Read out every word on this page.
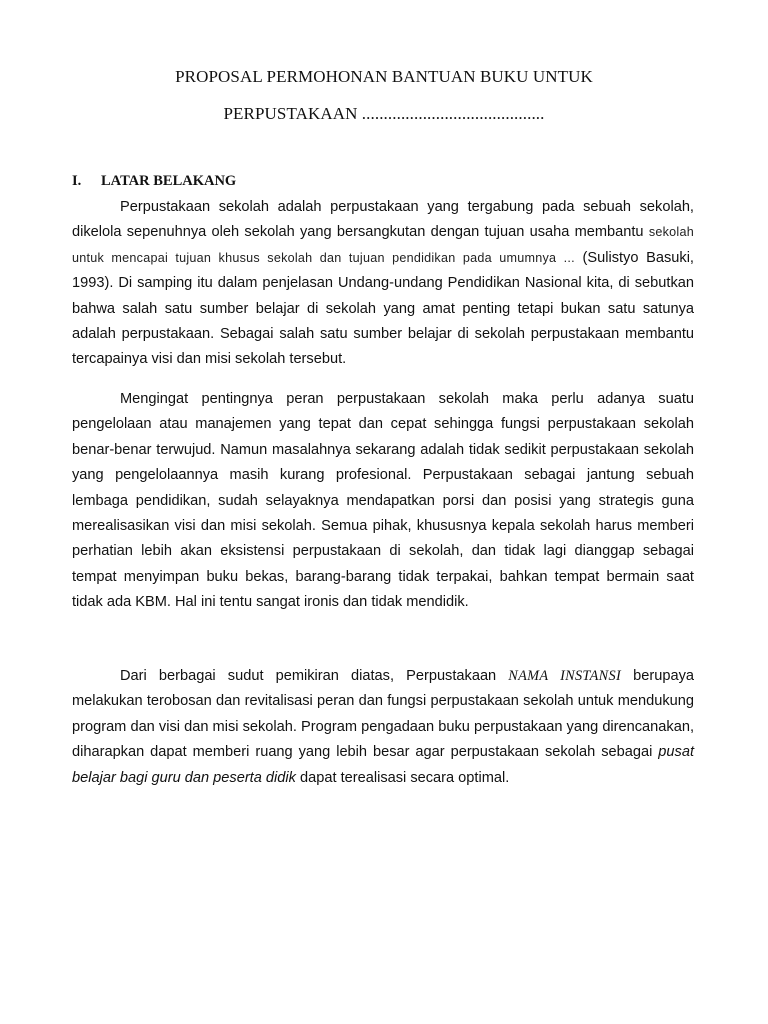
PROPOSAL PERMOHONAN BANTUAN BUKU UNTUK
PERPUSTAKAAN ..........................................
I. LATAR BELAKANG

Perpustakaan sekolah adalah perpustakaan yang tergabung pada sebuah sekolah, dikelola sepenuhnya oleh sekolah yang bersangkutan dengan tujuan usaha membantu sekolah untuk mencapai tujuan khusus sekolah dan tujuan pendidikan pada umumnya ... (Sulistyo Basuki, 1993). Di samping itu dalam penjelasan Undang-undang Pendidikan Nasional kita, di sebutkan bahwa salah satu sumber belajar di sekolah yang amat penting tetapi bukan satu satunya adalah perpustakaan. Sebagai salah satu sumber belajar di sekolah perpustakaan membantu tercapainya visi dan misi sekolah tersebut.

Mengingat pentingnya peran perpustakaan sekolah maka perlu adanya suatu pengelolaan atau manajemen yang tepat dan cepat sehingga fungsi perpustakaan sekolah benar-benar terwujud. Namun masalahnya sekarang adalah tidak sedikit perpustakaan sekolah yang pengelolaannya masih kurang profesional. Perpustakaan sebagai jantung sebuah lembaga pendidikan, sudah selayaknya mendapatkan porsi dan posisi yang strategis guna merealisasikan visi dan misi sekolah. Semua pihak, khususnya kepala sekolah harus memberi perhatian lebih akan eksistensi perpustakaan di sekolah, dan tidak lagi dianggap sebagai tempat menyimpan buku bekas, barang-barang tidak terpakai, bahkan tempat bermain saat tidak ada KBM. Hal ini tentu sangat ironis dan tidak mendidik.

Dari berbagai sudut pemikiran diatas, Perpustakaan NAMA INSTANSI berupaya melakukan terobosan dan revitalisasi peran dan fungsi perpustakaan sekolah untuk mendukung program dan visi dan misi sekolah. Program pengadaan buku perpustakaan yang direncanakan, diharapkan dapat memberi ruang yang lebih besar agar perpustakaan sekolah sebagai pusat belajar bagi guru dan peserta didik dapat terealisasi secara optimal.
